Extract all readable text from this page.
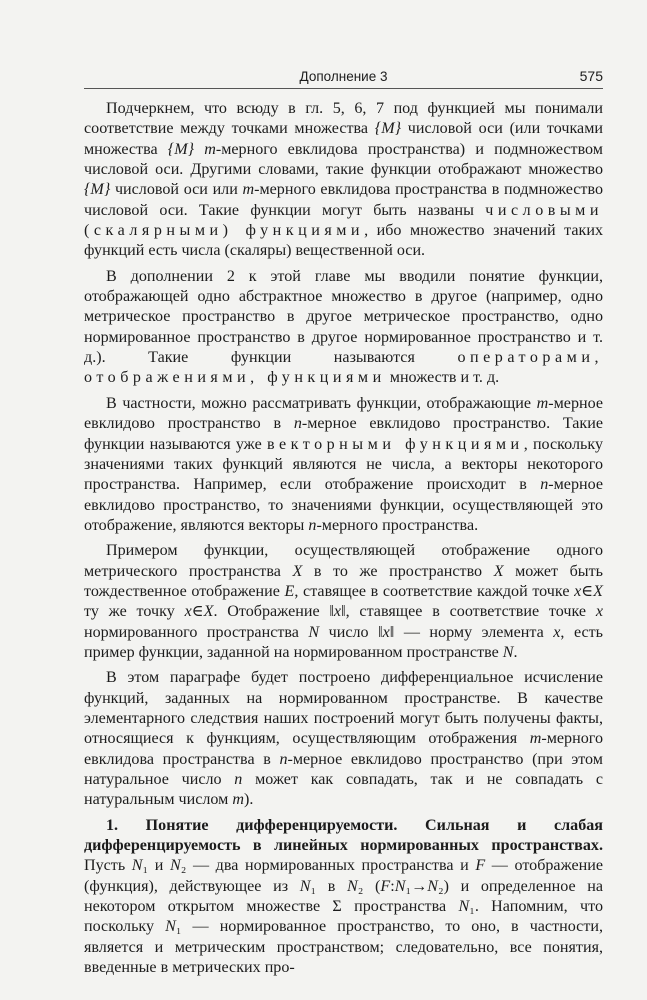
Дополнение 3	575

Подчеркнем, что всюду в гл. 5, 6, 7 под функцией мы понимали соответствие между точками множества {M} числовой оси (или точками множества {M} m-мерного евклидова пространства) и подмножеством числовой оси. Другими словами, такие функции отображают множество {M} числовой оси или m-мерного евклидова пространства в подмножество числовой оси. Такие функции могут быть названы числовыми (скалярными) функциями, ибо множество значений таких функций есть числа (скаляры) вещественной оси.

В дополнении 2 к этой главе мы вводили понятие функции, отображающей одно абстрактное множество в другое (например, одно метрическое пространство в другое метрическое пространство, одно нормированное пространство в другое нормированное пространство и т. д.). Такие функции называются операторами, отображениями, функциями множеств и т. д.

В частности, можно рассматривать функции, отображающие m-мерное евклидово пространство в n-мерное евклидово пространство. Такие функции называются уже векторными функциями, поскольку значениями таких функций являются не числа, а векторы некоторого пространства. Например, если отображение происходит в n-мерное евклидово пространство, то значениями функции, осуществляющей это отображение, являются векторы n-мерного пространства.

Примером функции, осуществляющей отображение одного метрического пространства X в то же пространство X может быть тождественное отображение E, ставящее в соответствие каждой точке x∈X ту же точку x∈X. Отображение ‖x‖, ставящее в соответствие точке x нормированного пространства N число ‖x‖ — норму элемента x, есть пример функции, заданной на нормированном пространстве N.

В этом параграфе будет построено дифференциальное исчисление функций, заданных на нормированном пространстве. В качестве элементарного следствия наших построений могут быть получены факты, относящиеся к функциям, осуществляющим отображения m-мерного евклидова пространства в n-мерное евклидово пространство (при этом натуральное число n может как совпадать, так и не совпадать с натуральным числом m).

1. Понятие дифференцируемости. Сильная и слабая дифференцируемость в линейных нормированных пространствах. Пусть N₁ и N₂ — два нормированных пространства и F — отображение (функция), действующее из N₁ в N₂ (F:N₁→N₂) и определенное на некотором открытом множестве Σ пространства N₁. Напомним, что поскольку N₁ — нормированное пространство, то оно, в частности, является и метрическим пространством; следовательно, все понятия, введенные в метрических про-
